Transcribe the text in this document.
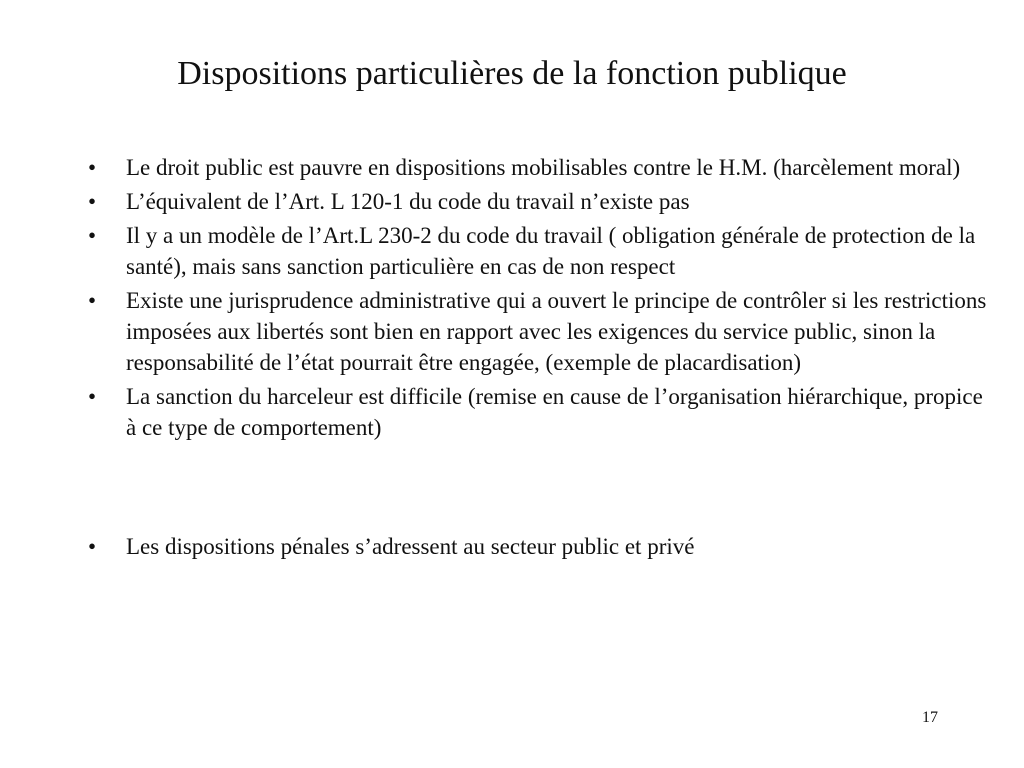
Dispositions particulières de la fonction publique
•	Le droit public est pauvre en dispositions mobilisables contre le H.M. (harcèlement moral)
•	L’équivalent de l’Art. L 120-1 du code du travail n’existe pas
•	Il y a un modèle de l’Art.L 230-2 du code du travail ( obligation générale de protection de la santé), mais sans sanction particulière en cas de non respect
•	Existe une jurisprudence administrative qui a ouvert le principe de contrôler si les restrictions imposées aux libertés sont bien en rapport avec les exigences du service public, sinon la responsabilité de l’état pourrait être engagée, (exemple de placardisation)
•	La sanction du harceleur est difficile (remise en cause de l’organisation hiérarchique, propice à ce type de comportement)
•	Les dispositions pénales s’adressent au secteur public et privé
17
